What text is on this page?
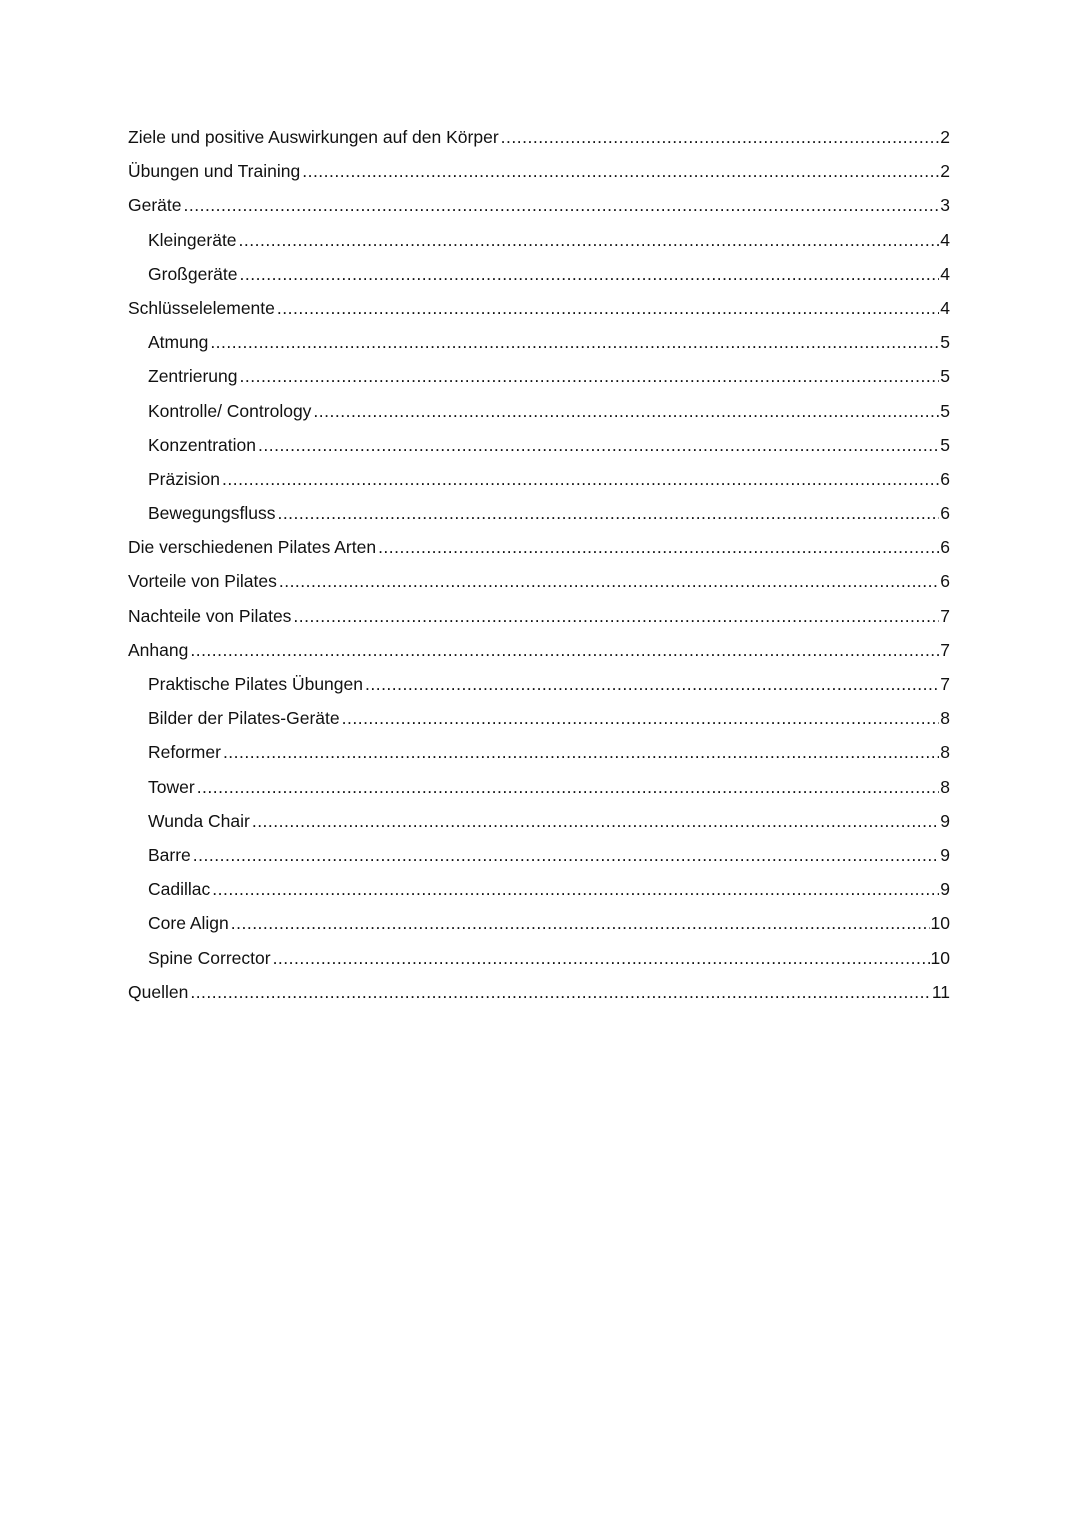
Ziele und positive Auswirkungen auf den Körper .....	2
Übungen und Training .....	2
Geräte .....	3
Kleingeräte .....	4
Großgeräte .....	4
Schlüsselelemente .....	4
Atmung .....	5
Zentrierung .....	5
Kontrolle/ Contrology .....	5
Konzentration .....	5
Präzision .....	6
Bewegungsfluss .....	6
Die verschiedenen Pilates Arten .....	6
Vorteile von Pilates .....	6
Nachteile von Pilates .....	7
Anhang .....	7
Praktische Pilates Übungen .....	7
Bilder der Pilates-Geräte .....	8
Reformer .....	8
Tower .....	8
Wunda Chair .....	9
Barre .....	9
Cadillac .....	9
Core Align .....	10
Spine Corrector .....	10
Quellen .....	11
